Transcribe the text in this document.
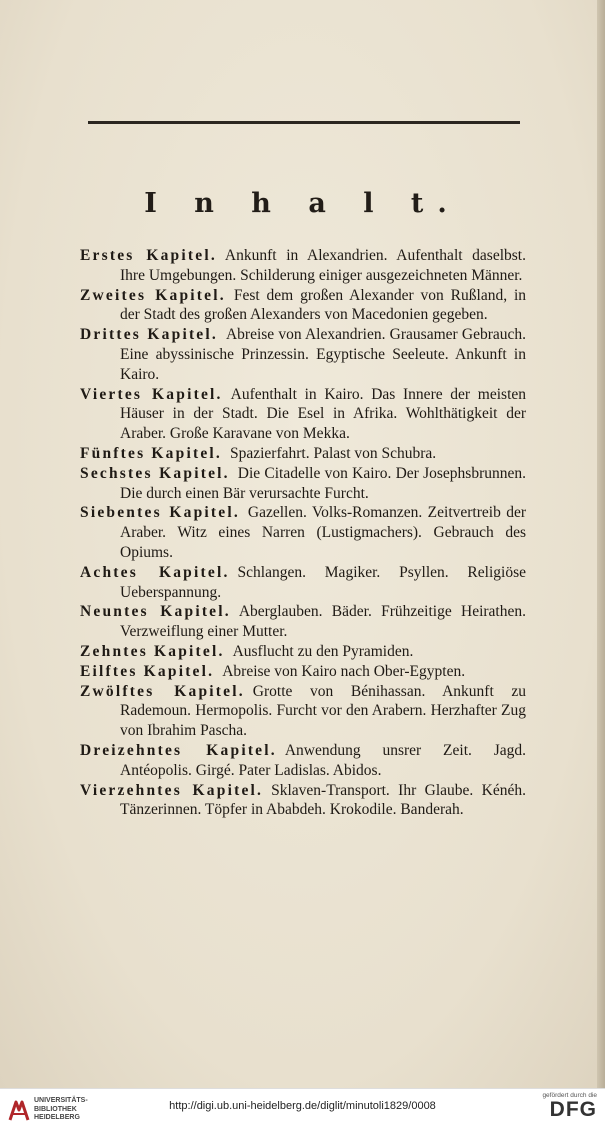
I n h a l t.
Erstes Kapitel. Ankunft in Alexandrien. Aufenthalt daselbst. Ihre Umgebungen. Schilderung einiger ausgezeichneten Männer.
Zweites Kapitel. Fest dem großen Alexander von Rußland, in der Stadt des großen Alexanders von Macedonien gegeben.
Drittes Kapitel. Abreise von Alexandrien. Grausamer Gebrauch. Eine abyssinische Prinzessin. Egyptische Seeleute. Ankunft in Kairo.
Viertes Kapitel. Aufenthalt in Kairo. Das Innere der meisten Häuser in der Stadt. Die Esel in Afrika. Wohlthätigkeit der Araber. Große Karavane von Mekka.
Fünftes Kapitel. Spazierfahrt. Palast von Schubra.
Sechstes Kapitel. Die Citadelle von Kairo. Der Josephsbrunnen. Die durch einen Bär verursachte Furcht.
Siebentes Kapitel. Gazellen. Volks-Romanzen. Zeitvertreib der Araber. Witz eines Narren (Lustigmachers). Gebrauch des Opiums.
Achtes Kapitel. Schlangen. Magiker. Psyllen. Religiöse Ueberspannung.
Neuntes Kapitel. Aberglauben. Bäder. Frühzeitige Heirathen. Verzweiflung einer Mutter.
Zehntes Kapitel. Ausflucht zu den Pyramiden.
Eilftes Kapitel. Abreise von Kairo nach Ober-Egypten.
Zwölftes Kapitel. Grotte von Bénihassan. Ankunft zu Rademoun. Hermopolis. Furcht vor den Arabern. Herzhafter Zug von Ibrahim Pascha.
Dreizehntes Kapitel. Anwendung unsrer Zeit. Jagd. Antéopolis. Girgé. Pater Ladislas. Abidos.
Vierzehntes Kapitel. Sklaven-Transport. Ihr Glaube. Kénéh. Tänzerinnen. Töpfer in Ababdeh. Krokodile. Banderah.
UNIVERSITÄTS-
BIBLIOTHEK
HEIDELBERG
http://digi.ub.uni-heidelberg.de/diglit/minutoli1829/0008
gefördert durch die
DFG
